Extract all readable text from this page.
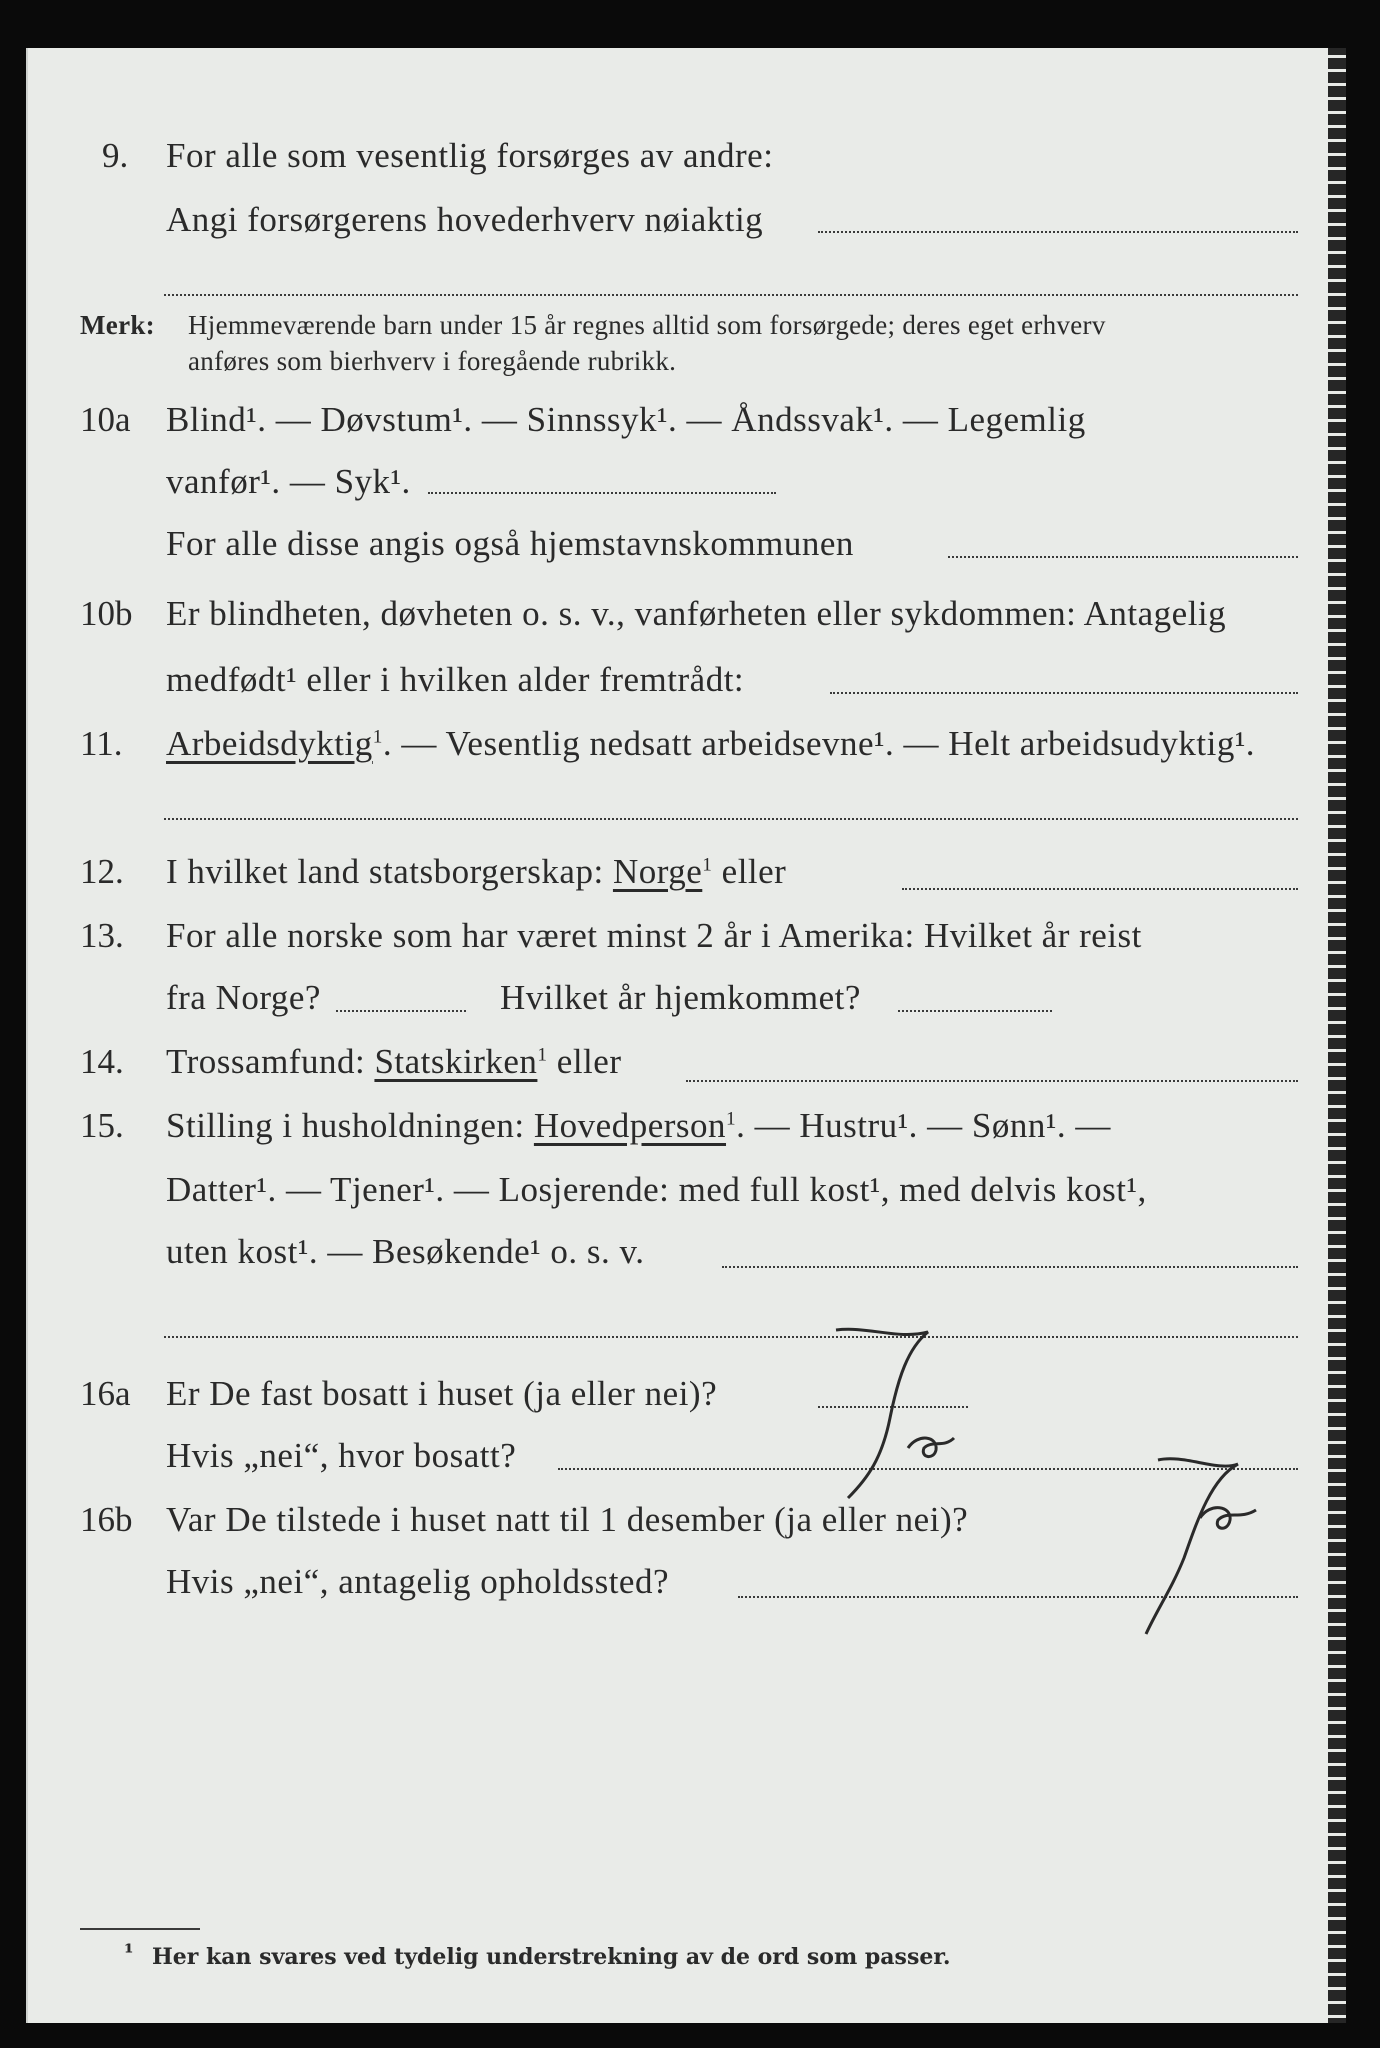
9. For alle som vesentlig forsørges av andre:
Angi forsørgerens hovederhverv nøiaktig
Merk: Hjemmeværende barn under 15 år regnes alltid som forsørgede; deres eget erhverv
anføres som bierhverv i foregående rubrikk.
10a Blind¹. — Døvstum¹. — Sinnssyk¹. — Åndssvak¹. — Legemlig
vanfør¹. — Syk¹.
For alle disse angis også hjemstavnskommunen
10b Er blindheten, døvheten o. s. v., vanførheten eller sykdommen: Antagelig
medfødt¹ eller i hvilken alder fremtrådt:
11. Arbeidsdyktig$^1$. — Vesentlig nedsatt arbeidsevne¹. — Helt arbeidsudyktig¹.
12. I hvilket land statsborgerskap: Norge$^1$ eller
13. For alle norske som har været minst 2 år i Amerika: Hvilket år reist
fra Norge?	Hvilket år hjemkommet?
14. Trossamfund: Statskirken$^1$ eller
15. Stilling i husholdningen: Hovedperson$^1$. — Hustru¹. — Sønn¹. —
Datter¹. — Tjener¹. — Losjerende: med full kost¹, med delvis kost¹,
uten kost¹. — Besøkende¹ o. s. v.
16a Er De fast bosatt i huset (ja eller nei)?
Hvis „nei“, hvor bosatt?
16b Var De tilstede i huset natt til 1 desember (ja eller nei)?
Hvis „nei“, antagelig opholdssted?
¹ Her kan svares ved tydelig understrekning av de ord som passer.
